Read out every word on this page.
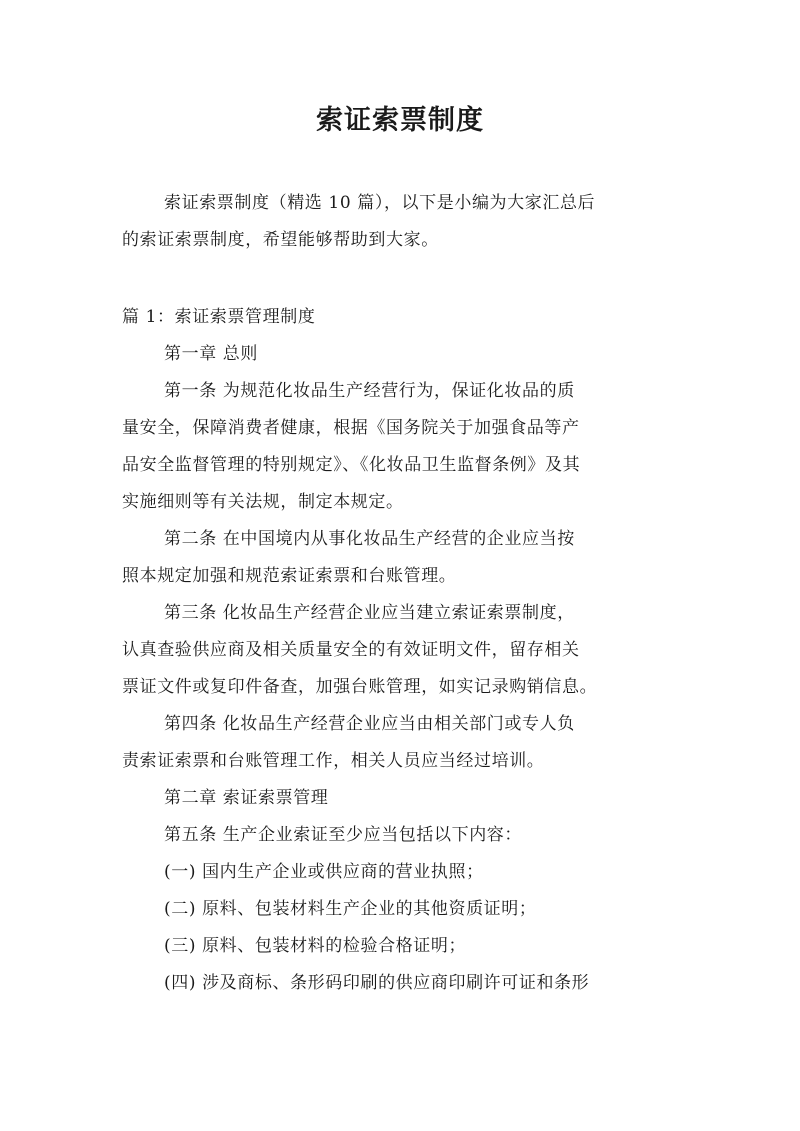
索证索票制度
索证索票制度（精选 10 篇），以下是小编为大家汇总后
的索证索票制度，希望能够帮助到大家。
篇 1：索证索票管理制度
第一章 总则
第一条 为规范化妆品生产经营行为，保证化妆品的质
量安全，保障消费者健康，根据《国务院关于加强食品等产
品安全监督管理的特别规定》、《化妆品卫生监督条例》及其
实施细则等有关法规，制定本规定。
第二条 在中国境内从事化妆品生产经营的企业应当按
照本规定加强和规范索证索票和台账管理。
第三条 化妆品生产经营企业应当建立索证索票制度，
认真查验供应商及相关质量安全的有效证明文件，留存相关
票证文件或复印件备查，加强台账管理，如实记录购销信息。
第四条 化妆品生产经营企业应当由相关部门或专人负
责索证索票和台账管理工作，相关人员应当经过培训。
第二章 索证索票管理
第五条 生产企业索证至少应当包括以下内容：
(一) 国内生产企业或供应商的营业执照；
(二) 原料、包装材料生产企业的其他资质证明；
(三) 原料、包装材料的检验合格证明；
(四) 涉及商标、条形码印刷的供应商印刷许可证和条形
